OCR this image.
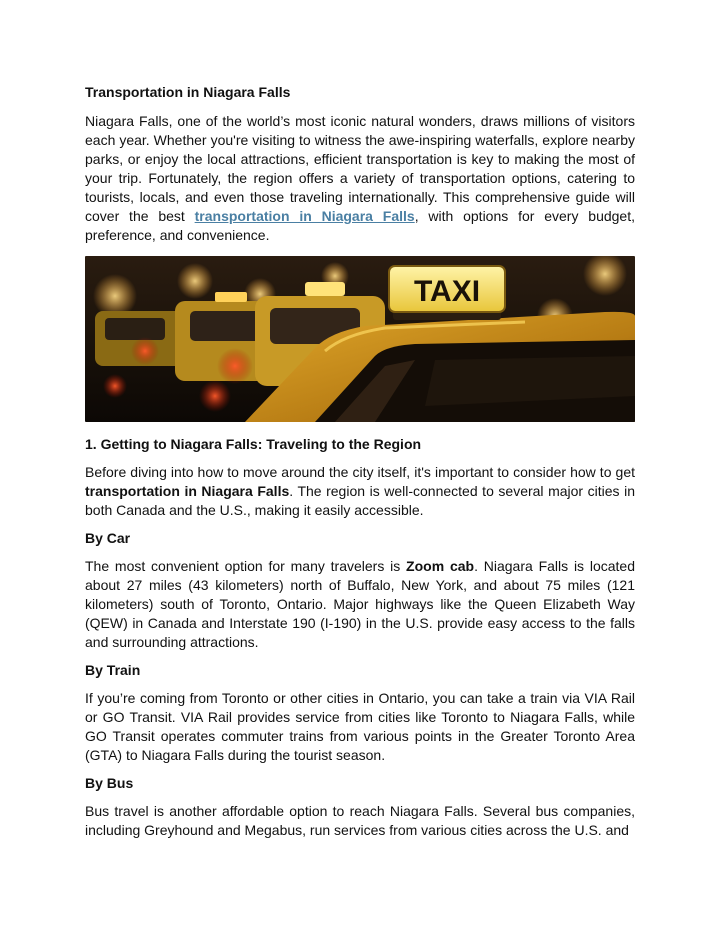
Transportation in Niagara Falls

Niagara Falls, one of the world’s most iconic natural wonders, draws millions of visitors each year. Whether you're visiting to witness the awe-inspiring waterfalls, explore nearby parks, or enjoy the local attractions, efficient transportation is key to making the most of your trip. Fortunately, the region offers a variety of transportation options, catering to tourists, locals, and even those traveling internationally. This comprehensive guide will cover the best transportation in Niagara Falls, with options for every budget, preference, and convenience.

TAXI
1. Getting to Niagara Falls: Traveling to the Region

Before diving into how to move around the city itself, it's important to consider how to get transportation in Niagara Falls. The region is well-connected to several major cities in both Canada and the U.S., making it easily accessible.

By Car

The most convenient option for many travelers is Zoom cab. Niagara Falls is located about 27 miles (43 kilometers) north of Buffalo, New York, and about 75 miles (121 kilometers) south of Toronto, Ontario. Major highways like the Queen Elizabeth Way (QEW) in Canada and Interstate 190 (I-190) in the U.S. provide easy access to the falls and surrounding attractions.

By Train

If you’re coming from Toronto or other cities in Ontario, you can take a train via VIA Rail or GO Transit. VIA Rail provides service from cities like Toronto to Niagara Falls, while GO Transit operates commuter trains from various points in the Greater Toronto Area (GTA) to Niagara Falls during the tourist season.

By Bus

Bus travel is another affordable option to reach Niagara Falls. Several bus companies, including Greyhound and Megabus, run services from various cities across the U.S. and
